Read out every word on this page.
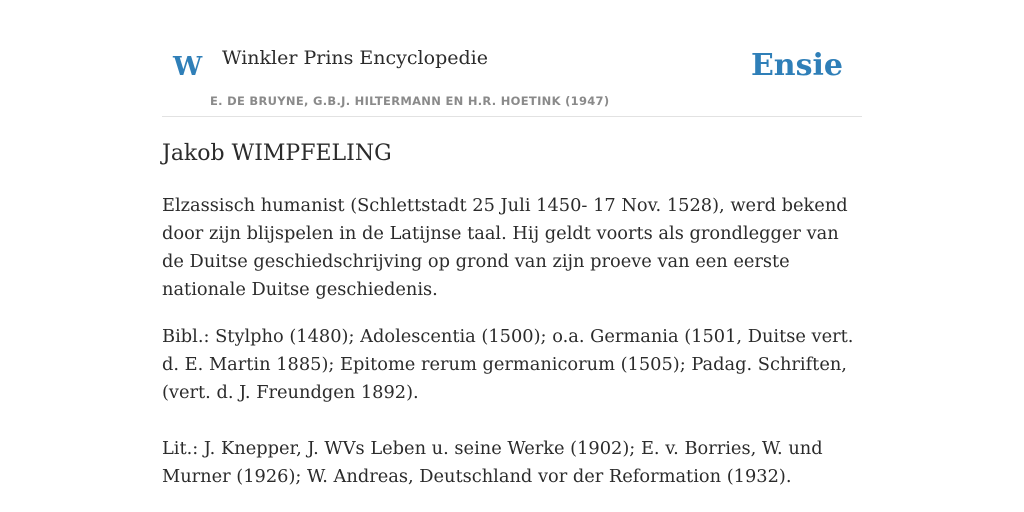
W Winkler Prins Encyclopedie
E. DE BRUYNE, G.B.J. HILTERMANN EN H.R. HOETINK (1947)
Ensie
Jakob WIMPFELING

Elzassisch humanist (Schlettstadt 25 Juli 1450- 17 Nov. 1528), werd bekend door zijn blijspelen in de Latijnse taal. Hij geldt voorts als grondlegger van de Duitse geschiedschrijving op grond van zijn proeve van een eerste nationale Duitse geschiedenis.

Bibl.: Stylpho (1480); Adolescentia (1500); o.a. Germania (1501, Duitse vert. d. E. Martin 1885); Epitome rerum germanicorum (1505); Padag. Schriften, (vert. d. J. Freundgen 1892).

Lit.: J. Knepper, J. WVs Leben u. seine Werke (1902); E. v. Borries, W. und Murner (1926); W. Andreas, Deutschland vor der Reformation (1932).
